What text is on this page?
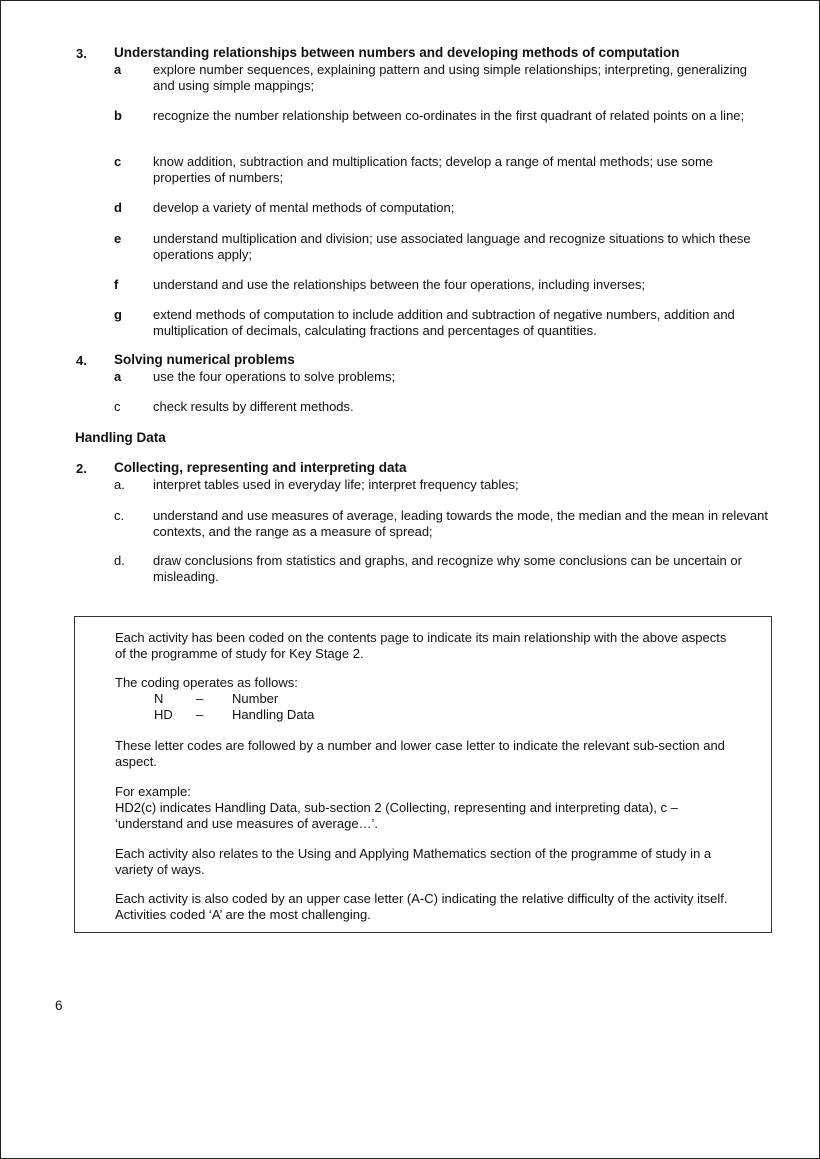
3. Understanding relationships between numbers and developing methods of computation
a	explore number sequences, explaining pattern and using simple relationships; interpreting, generalizing and using simple mappings;
b	recognize the number relationship between co-ordinates in the first quadrant of related points on a line;
c	know addition, subtraction and multiplication facts; develop a range of mental methods; use some properties of numbers;
d	develop a variety of mental methods of computation;
e	understand multiplication and division; use associated language and recognize situations to which these operations apply;
f	understand and use the relationships between the four operations, including inverses;
g	extend methods of computation to include addition and subtraction of negative numbers, addition and multiplication of decimals, calculating fractions and percentages of quantities.
4. Solving numerical problems
a	use the four operations to solve problems;
c	check results by different methods.
Handling Data
2. Collecting, representing and interpreting data
a.	interpret tables used in everyday life; interpret frequency tables;
c.	understand and use measures of average, leading towards the mode, the median and the mean in relevant contexts, and the range as a measure of spread;
d.	draw conclusions from statistics and graphs, and recognize why some conclusions can be uncertain or misleading.
Each activity has been coded on the contents page to indicate its main relationship with the above aspects of the programme of study for Key Stage 2.
The coding operates as follows:
N	– Number
HD – Handling Data
These letter codes are followed by a number and lower case letter to indicate the relevant sub-section and aspect.
For example:
HD2(c) indicates Handling Data, sub-section 2 (Collecting, representing and interpreting data), c – ‘understand and use measures of average…’.
Each activity also relates to the Using and Applying Mathematics section of the programme of study in a variety of ways.
Each activity is also coded by an upper case letter (A-C) indicating the relative difficulty of the activity itself. Activities coded ‘A’ are the most challenging.
6
